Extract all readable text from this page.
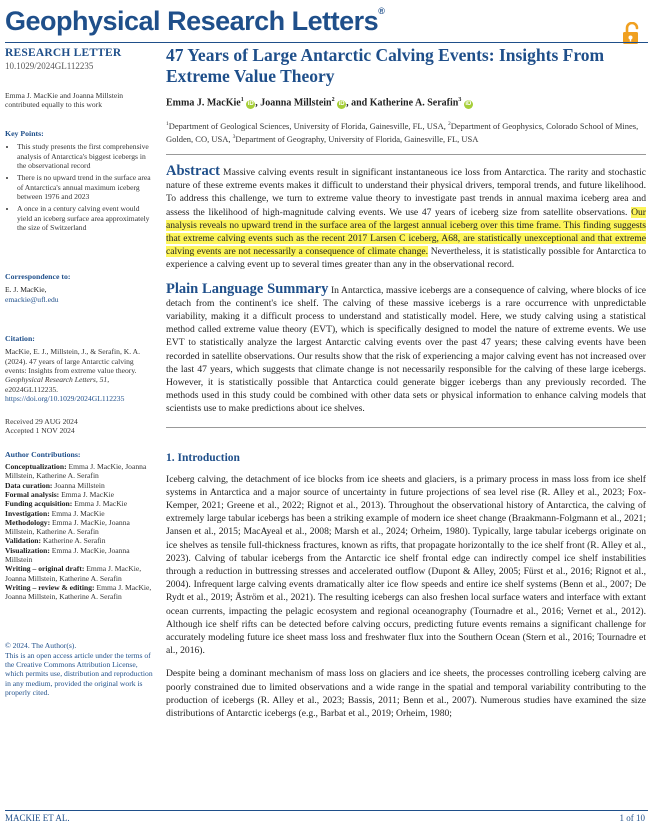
Geophysical Research Letters®
RESEARCH LETTER
10.1029/2024GL112235
Emma J. MacKie and Joanna Millstein contributed equally to this work
Key Points:
• This study presents the first comprehensive analysis of Antarctica's biggest icebergs in the observational record
• There is no upward trend in the surface area of Antarctica's annual maximum iceberg between 1976 and 2023
• A once in a century calving event would yield an iceberg surface area approximately the size of Switzerland
Correspondence to:
E. J. MacKie,
emackie@ufl.edu
Citation:
MacKie, E. J., Millstein, J., & Serafin, K. A. (2024). 47 years of large Antarctic calving events: Insights from extreme value theory. Geophysical Research Letters, 51, e2024GL112235. https://doi.org/10.1029/2024GL112235
Received 29 AUG 2024
Accepted 1 NOV 2024
Author Contributions:
Conceptualization: Emma J. MacKie, Joanna Millstein, Katherine A. Serafin
Data curation: Joanna Millstein
Formal analysis: Emma J. MacKie
Funding acquisition: Emma J. MacKie
Investigation: Emma J. MacKie
Methodology: Emma J. MacKie, Joanna Millstein, Katherine A. Serafin
Validation: Katherine A. Serafin
Visualization: Emma J. MacKie, Joanna Millstein
Writing – original draft: Emma J. MacKie, Joanna Millstein, Katherine A. Serafin
Writing – review & editing: Emma J. MacKie, Joanna Millstein, Katherine A. Serafin
© 2024. The Author(s).
This is an open access article under the terms of the Creative Commons Attribution License, which permits use, distribution and reproduction in any medium, provided the original work is properly cited.
47 Years of Large Antarctic Calving Events: Insights From Extreme Value Theory
Emma J. MacKie$^1$ iD , Joanna Millstein$^2$ iD , and Katherine A. Serafin$^3$ iD
$^1$Department of Geological Sciences, University of Florida, Gainesville, FL, USA, $^2$Department of Geophysics, Colorado School of Mines, Golden, CO, USA, $^3$Department of Geography, University of Florida, Gainesville, FL, USA
Abstract Massive calving events result in significant instantaneous ice loss from Antarctica. The rarity and stochastic nature of these extreme events makes it difficult to understand their physical drivers, temporal trends, and future likelihood. To address this challenge, we turn to extreme value theory to investigate past trends in annual maxima iceberg area and assess the likelihood of high-magnitude calving events. We use 47 years of iceberg size from satellite observations. Our analysis reveals no upward trend in the surface area of the largest annual iceberg over this time frame. This finding suggests that extreme calving events such as the recent 2017 Larsen C iceberg, A68, are statistically unexceptional and that extreme calving events are not necessarily a consequence of climate change. Nevertheless, it is statistically possible for Antarctica to experience a calving event up to several times greater than any in the observational record.
Plain Language Summary In Antarctica, massive icebergs are a consequence of calving, where blocks of ice detach from the continent's ice shelf. The calving of these massive icebergs is a rare occurrence with unpredictable variability, making it a difficult process to understand and statistically model. Here, we study calving using a statistical method called extreme value theory (EVT), which is specifically designed to model the nature of extreme events. We use EVT to statistically analyze the largest Antarctic calving events over the past 47 years; these calving events have been recorded in satellite observations. Our results show that the risk of experiencing a major calving event has not increased over the last 47 years, which suggests that climate change is not necessarily responsible for the calving of these large icebergs. However, it is statistically possible that Antarctica could generate bigger icebergs than any previously recorded. The methods used in this study could be combined with other data sets or physical information to enhance calving models that scientists use to make predictions about ice shelves.
1. Introduction
Iceberg calving, the detachment of ice blocks from ice sheets and glaciers, is a primary process in mass loss from ice shelf systems in Antarctica and a major source of uncertainty in future projections of sea level rise (R. Alley et al., 2023; Fox-Kemper, 2021; Greene et al., 2022; Rignot et al., 2013). Throughout the observational history of Antarctica, the calving of extremely large tabular icebergs has been a striking example of modern ice sheet change (Braakmann-Folgmann et al., 2021; Jansen et al., 2015; MacAyeal et al., 2008; Marsh et al., 2024; Orheim, 1980). Typically, large tabular icebergs originate on ice shelves as tensile full-thickness fractures, known as rifts, that propagate horizontally to the ice shelf front (R. Alley et al., 2023). Calving of tabular icebergs from the Antarctic ice shelf frontal edge can indirectly compel ice shelf instabilities through a reduction in buttressing stresses and accelerated outflow (Dupont & Alley, 2005; Fürst et al., 2016; Rignot et al., 2004). Infrequent large calving events dramatically alter ice flow speeds and entire ice shelf systems (Benn et al., 2007; De Rydt et al., 2019; Åström et al., 2021). The resulting icebergs can also freshen local surface waters and interface with extant ocean currents, impacting the pelagic ecosystem and regional oceanography (Tournadre et al., 2016; Vernet et al., 2012). Although ice shelf rifts can be detected before calving occurs, predicting future events remains a significant challenge for accurately modeling future ice sheet mass loss and freshwater flux into the Southern Ocean (Stern et al., 2016; Tournadre et al., 2016).
Despite being a dominant mechanism of mass loss on glaciers and ice sheets, the processes controlling iceberg calving are poorly constrained due to limited observations and a wide range in the spatial and temporal variability contributing to the production of icebergs (R. Alley et al., 2023; Bassis, 2011; Benn et al., 2007). Numerous studies have examined the size distributions of Antarctic icebergs (e.g., Barbat et al., 2019; Orheim, 1980;
MACKIE ET AL.	1 of 10
